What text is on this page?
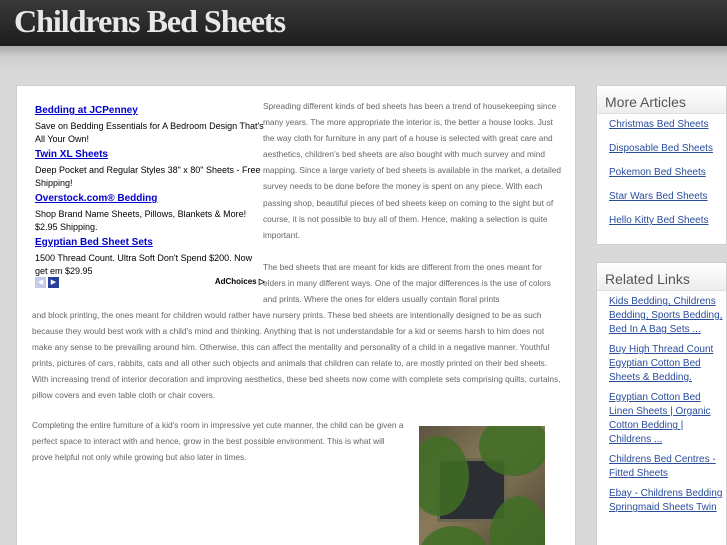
Childrens Bed Sheets
Bedding at JCPenney
Save on Bedding Essentials for A Bedroom Design That's All Your Own!
Twin XL Sheets
Deep Pocket and Regular Styles 38" x 80" Sheets - Free Shipping!
Overstock.com® Bedding
Shop Brand Name Sheets, Pillows, Blankets & More! $2.95 Shipping.
Egyptian Bed Sheet Sets
1500 Thread Count. Ultra Soft Don't Spend $200. Now get em $29.95
◀	▶	AdChoices ▷

Spreading different kinds of bed sheets has been a trend of housekeeping since many years. The more appropriate the interior is, the better a house looks. Just the way cloth for furniture in any part of a house is selected with great care and aesthetics, children's bed sheets are also bought with much survey and mind mapping. Since a large variety of bed sheets is available in the market, a detailed survey needs to be done before the money is spent on any piece. With each passing shop, beautiful pieces of bed sheets keep on coming to the sight but of course, it is not possible to buy all of them. Hence, making a selection is quite important.

The bed sheets that are meant for kids are different from the ones meant for elders in many different ways. One of the major differences is the use of colors and prints. Where the ones for elders usually contain floral prints

and block printing, the ones meant for children would rather have nursery prints. These bed sheets are intentionally designed to be as such because they would best work with a child's mind and thinking. Anything that is not understandable for a kid or seems harsh to him does not make any sense to be prevailing around him. Otherwise, this can affect the mentality and personality of a child in a negative manner. Youthful prints, pictures of cars, rabbits, cats and all other such objects and animals that children can relate to, are mostly printed on their bed sheets. With increasing trend of interior decoration and improving aesthetics, these bed sheets now come with complete sets comprising quilts, curtains, pillow covers and even table cloth or chair covers.

Completing the entire furniture of a kid's room in impressive yet cute manner, the child can be given a perfect space to interact with and hence, grow in the best possible environment. This is what will prove helpful not only while growing but also later in times.

More Articles
Christmas Bed Sheets
Disposable Bed Sheets
Pokemon Bed Sheets
Star Wars Bed Sheets
Hello Kitty Bed Sheets
Related Links
Kids Bedding, Childrens Bedding, Sports Bedding, Bed In A Bag Sets ...
Buy High Thread Count Egyptian Cotton Bed Sheets & Bedding.
Egyptian Cotton Bed Linen Sheets | Organic Cotton Bedding | Childrens ...
Childrens Bed Centres - Fitted Sheets
Ebay - Childrens Bedding Springmaid Sheets Twin
